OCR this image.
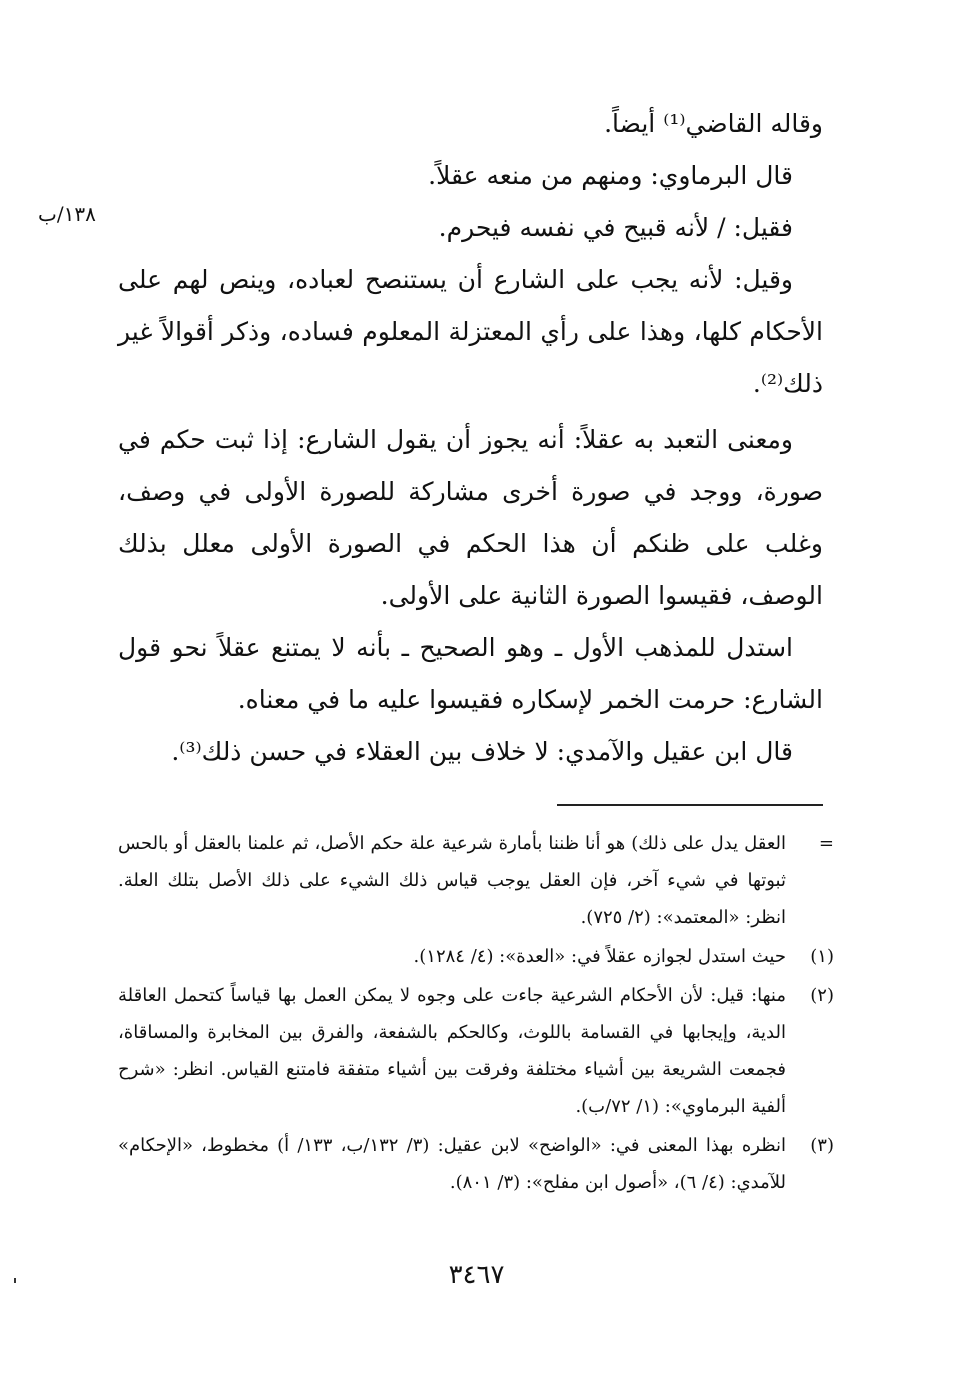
١٣٨/ب

وقاله القاضي⁽¹⁾ أيضاً.

قال البرماوي: ومنهم من منعه عقلاً.

فقيل: / لأنه قبيح في نفسه فيحرم.

وقيل: لأنه يجب على الشارع أن يستنصح لعباده، وينص لهم على الأحكام كلها، وهذا على رأي المعتزلة المعلوم فساده، وذكر أقوالاً غير ذلك⁽²⁾.

ومعنى التعبد به عقلاً: أنه يجوز أن يقول الشارع: إذا ثبت حكم في صورة، ووجد في صورة أخرى مشاركة للصورة الأولى في وصف، وغلب على ظنكم أن هذا الحكم في الصورة الأولى معلل بذلك الوصف، فقيسوا الصورة الثانية على الأولى.

استدل للمذهب الأول ـ وهو الصحيح ـ بأنه لا يمتنع عقلاً نحو قول الشارع: حرمت الخمر لإسكاره فقيسوا عليه ما في معناه.

قال ابن عقيل والآمدي: لا خلاف بين العقلاء في حسن ذلك⁽³⁾.

=
العقل يدل على ذلك) هو أنا ظننا بأمارة شرعية علة حكم الأصل، ثم علمنا بالعقل أو بالحس ثبوتها في شيء آخر، فإن العقل يوجب قياس ذلك الشيء على ذلك الأصل بتلك العلة. انظر: «المعتمد»: (٢/ ٧٢٥).
(١)
حيث استدل لجوازه عقلاً في: «العدة»: (٤/ ١٢٨٤).
(٢)
منها: قيل: لأن الأحكام الشرعية جاءت على وجوه لا يمكن العمل بها قياساً كتحمل العاقلة الدية، وإيجابها في القسامة باللوث، وكالحكم بالشفعة، والفرق بين المخابرة والمساقاة، فجمعت الشريعة بين أشياء مختلفة وفرقت بين أشياء متفقة فامتنع القياس. انظر: «شرح ألفية البرماوي»: (١/ ٧٢/ب).
(٣)
انظره بهذا المعنى في: «الواضح» لابن عقيل: (٣/ ١٣٢/ب، ١٣٣/ أ) مخطوط، «الإحكام» للآمدي: (٤/ ٦)، «أصول ابن مفلح»: (٣/ ٨٠١).
٣٤٦٧
